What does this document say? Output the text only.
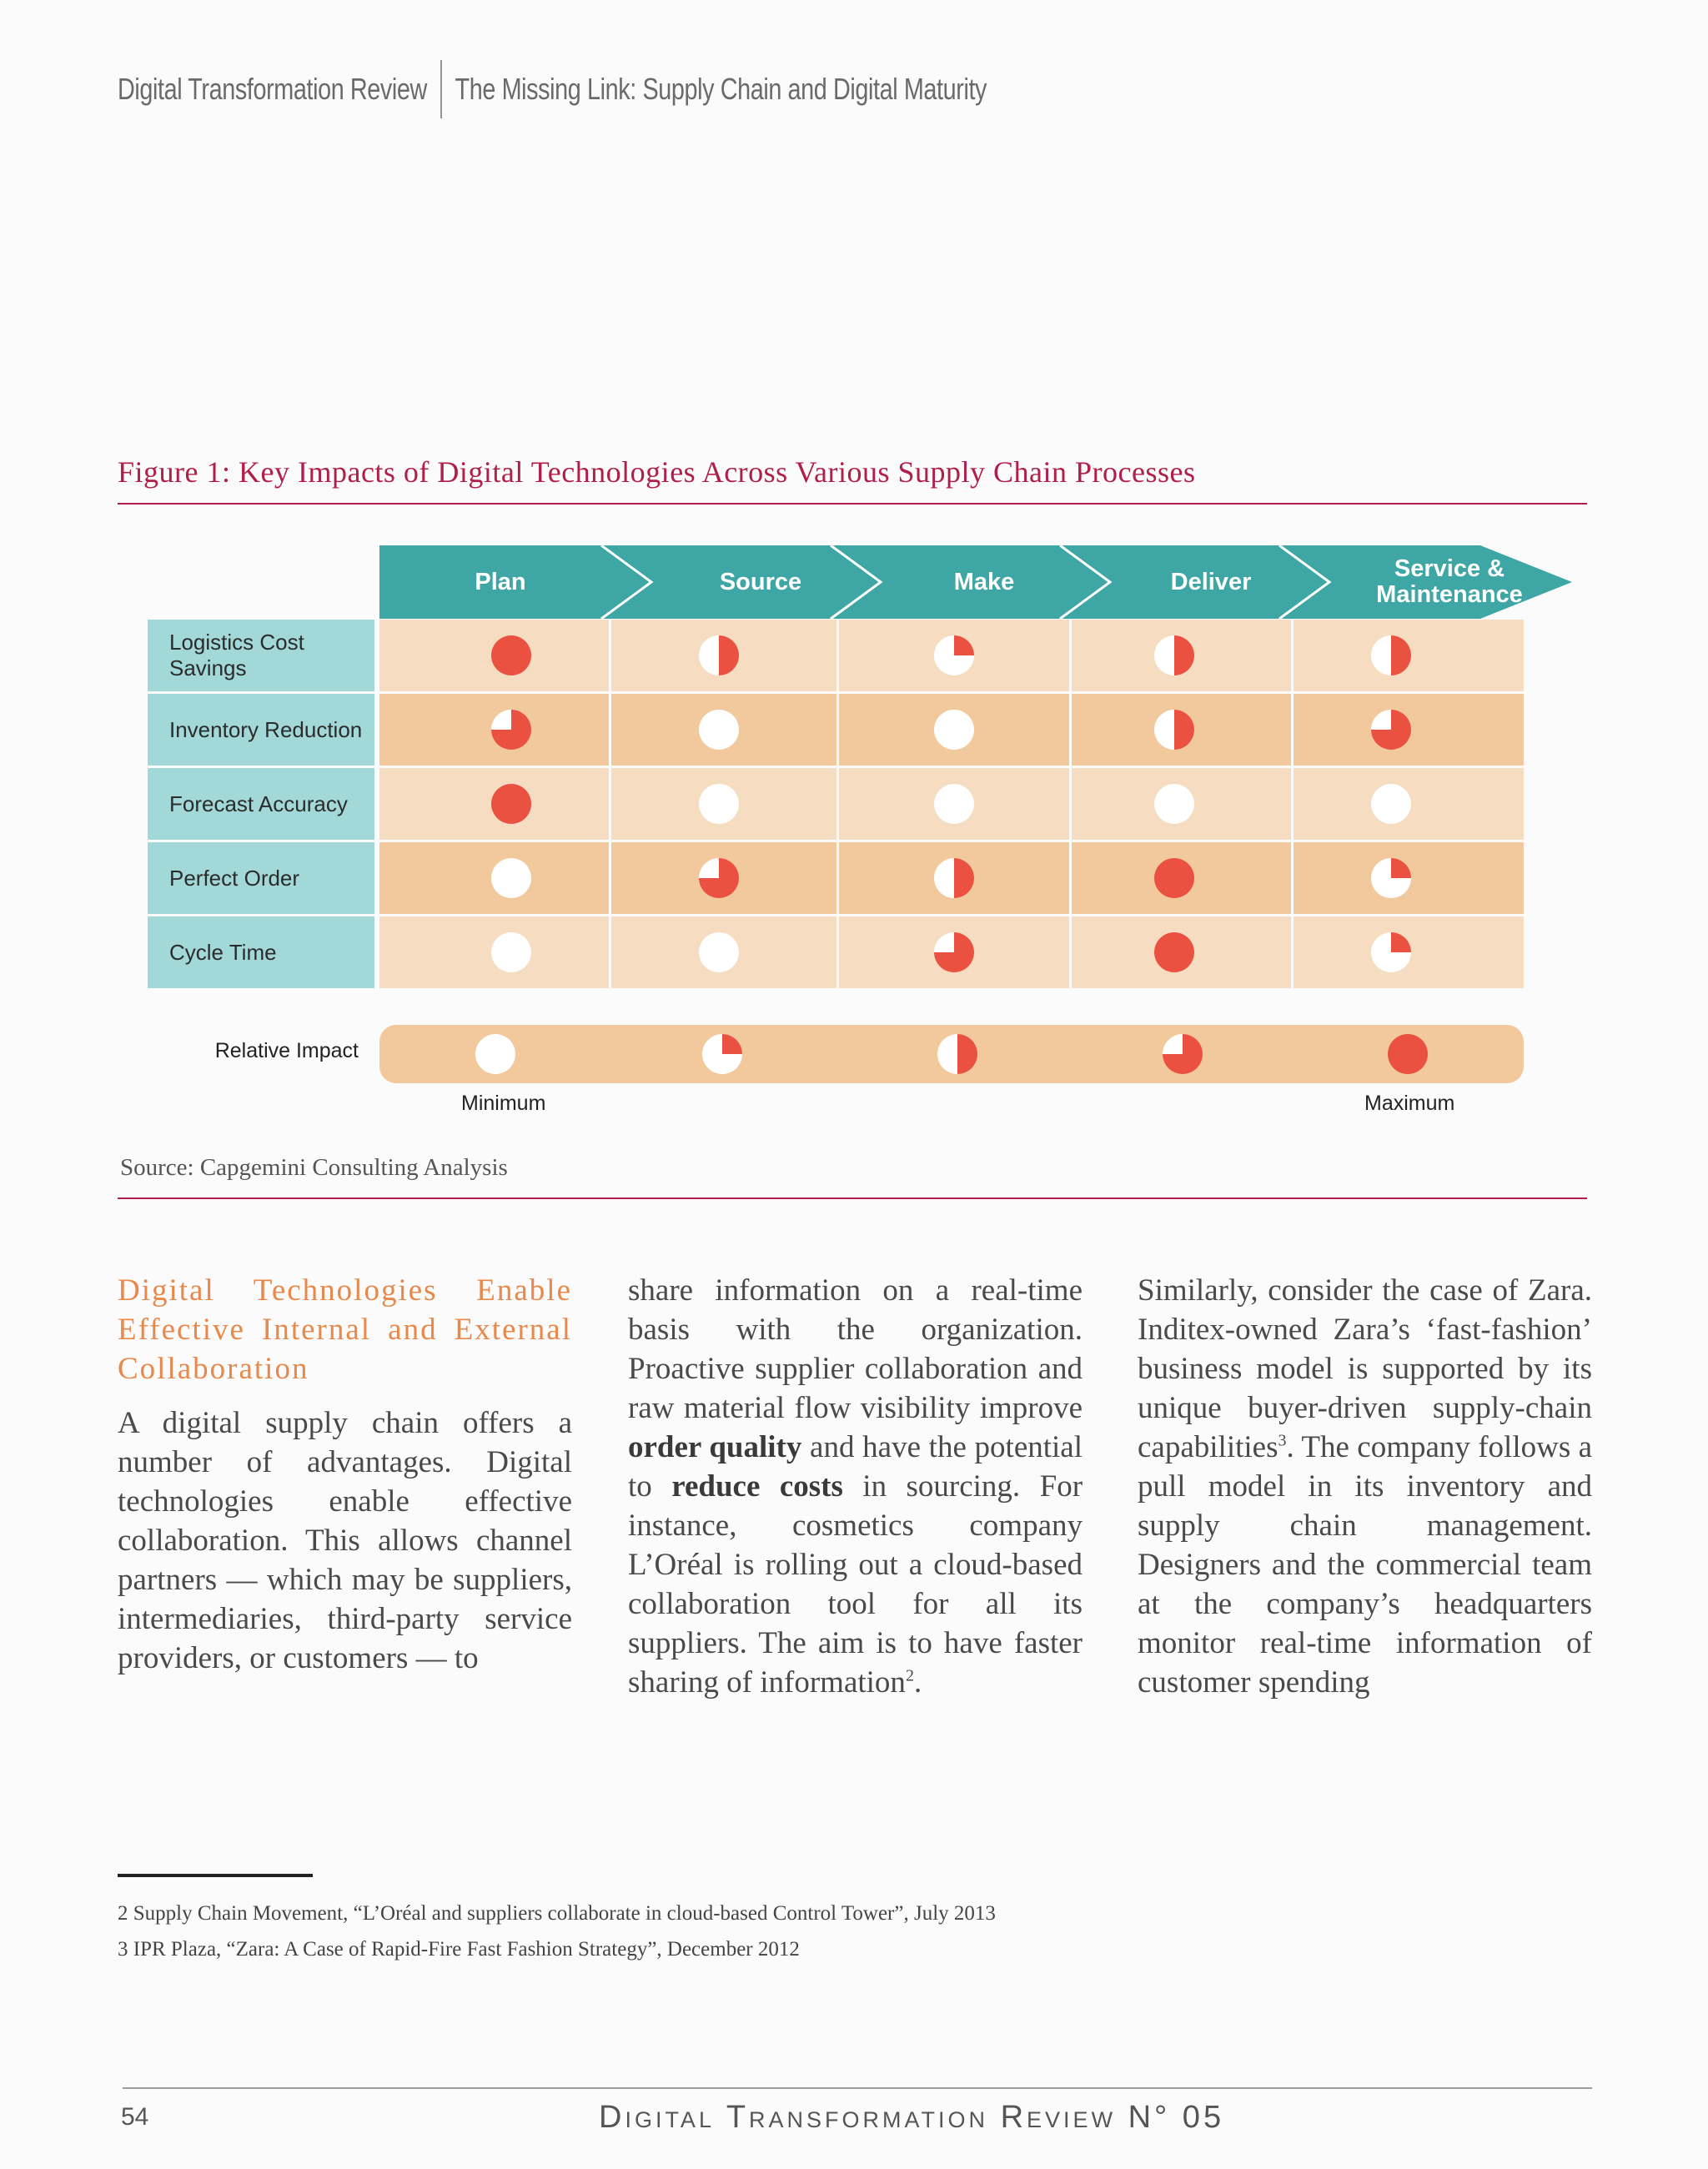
Digital Transformation Review The Missing Link: Supply Chain and Digital Maturity
Figure 1: Key Impacts of Digital Technologies Across Various Supply Chain Processes
Plan	Source	Make	Deliver	Service & Maintenance
Logistics Cost Savings
Inventory Reduction
Forecast Accuracy
Perfect Order
Cycle Time
Relative Impact
Minimum	Maximum
Source: Capgemini Consulting Analysis

Digital Technologies Enable Effective Internal and External Collaboration

A digital supply chain offers a number of advantages. Digital technologies enable effective collaboration. This allows channel partners — which may be suppliers, intermediaries, third-party service providers, or customers — to

share information on a real-time basis with the organization. Proactive supplier collaboration and raw material flow visibility improve order quality and have the potential to reduce costs in sourcing. For instance, cosmetics company L’Oréal is rolling out a cloud-based collaboration tool for all its suppliers. The aim is to have faster sharing of information$^2$.

Similarly, consider the case of Zara. Inditex-owned Zara’s ‘fast-fashion’ business model is supported by its unique buyer-driven supply-chain capabilities$^3$. The company follows a pull model in its inventory and supply chain management. Designers and the commercial team at the company’s headquarters monitor real-time information of customer spending

2 Supply Chain Movement, “L’Oréal and suppliers collaborate in cloud-based Control Tower”, July 2013
3 IPR Plaza, “Zara: A Case of Rapid-Fire Fast Fashion Strategy”, December 2012
54	Digital Transformation Review N° 05
